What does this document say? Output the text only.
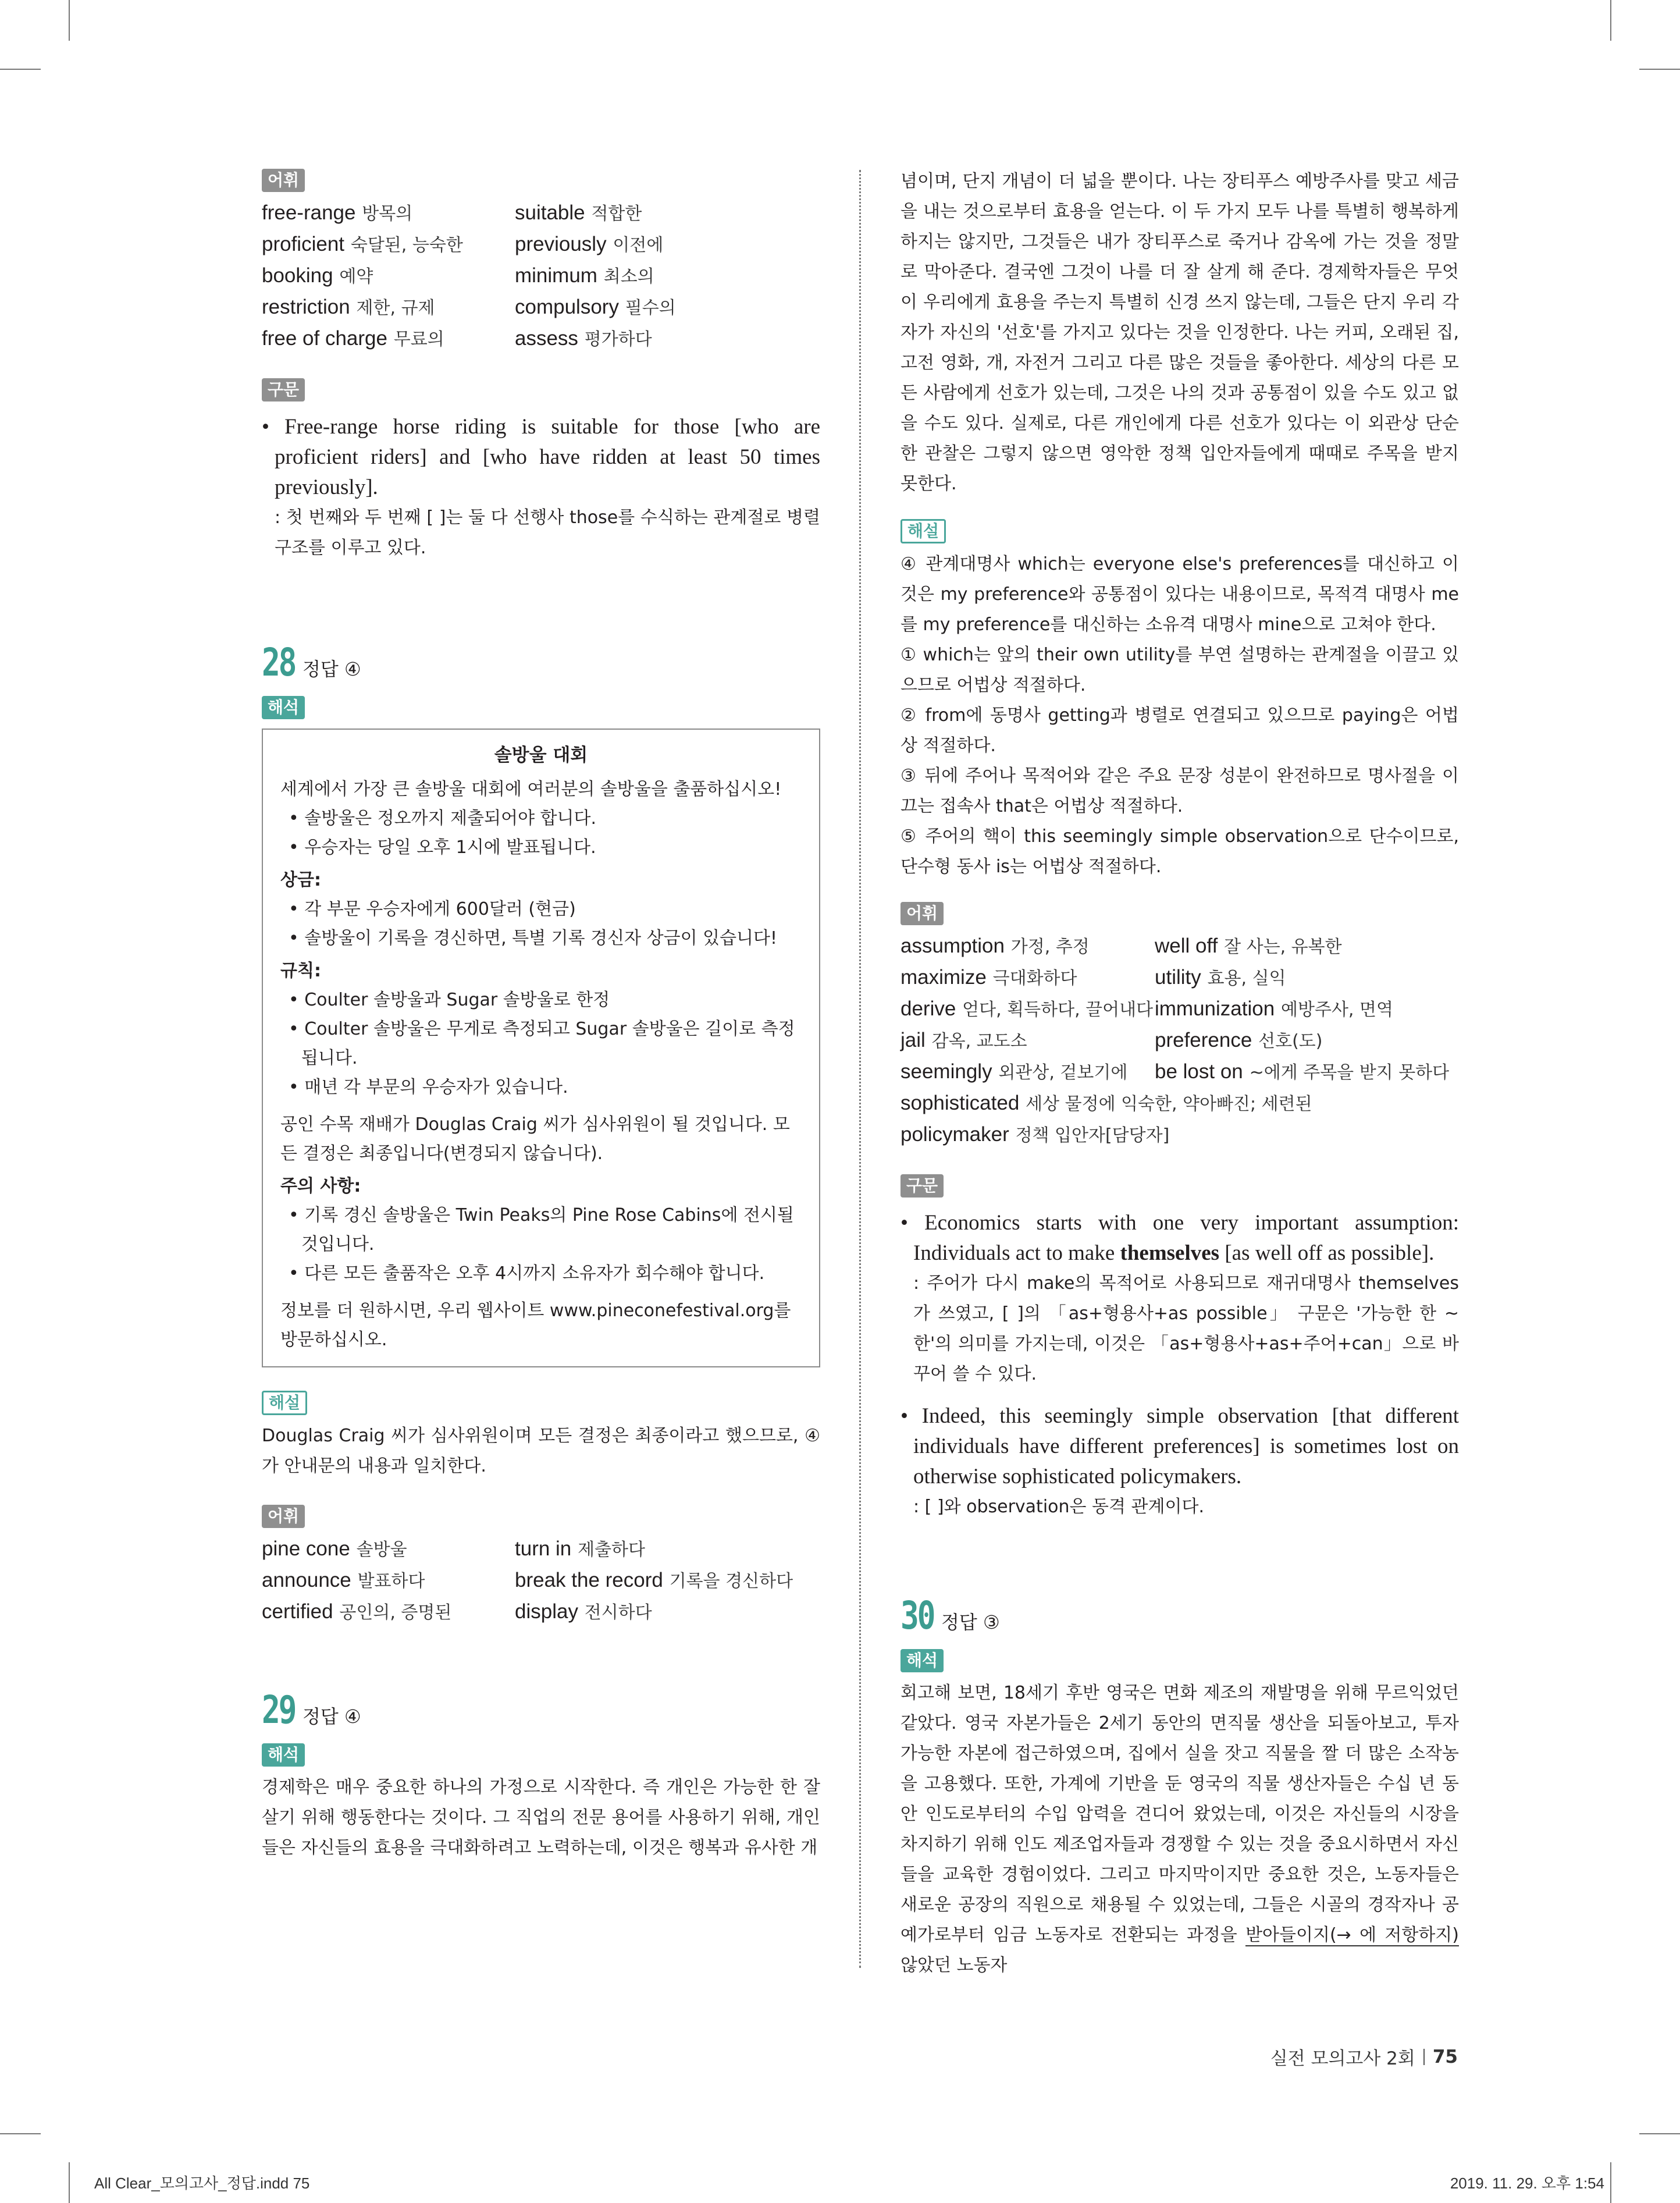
어휘
free-range 방목의	suitable 적합한
proficient 숙달된, 능숙한	previously 이전에
booking 예약	minimum 최소의
restriction 제한, 규제	compulsory 필수의
free of charge 무료의	assess 평가하다
구문

• Free-range horse riding is suitable for those [who are proficient riders] and [who have ridden at least 50 times previously].

: 첫 번째와 두 번째 [ ]는 둘 다 선행사 those를 수식하는 관계절로 병렬 구조를 이루고 있다.

28 정답 ④
해석
솔방울 대회

세계에서 가장 큰 솔방울 대회에 여러분의 솔방울을 출품하십시오!

• 솔방울은 정오까지 제출되어야 합니다.

• 우승자는 당일 오후 1시에 발표됩니다.

상금:

• 각 부문 우승자에게 600달러 (현금)

• 솔방울이 기록을 경신하면, 특별 기록 경신자 상금이 있습니다!

규칙:

• Coulter 솔방울과 Sugar 솔방울로 한정

• Coulter 솔방울은 무게로 측정되고 Sugar 솔방울은 길이로 측정됩니다.

• 매년 각 부문의 우승자가 있습니다.

공인 수목 재배가 Douglas Craig 씨가 심사위원이 될 것입니다. 모든 결정은 최종입니다(변경되지 않습니다).

주의 사항:

• 기록 경신 솔방울은 Twin Peaks의 Pine Rose Cabins에 전시될 것입니다.

• 다른 모든 출품작은 오후 4시까지 소유자가 회수해야 합니다.

정보를 더 원하시면, 우리 웹사이트 www.pineconefestival.org를 방문하십시오.

해설

Douglas Craig 씨가 심사위원이며 모든 결정은 최종이라고 했으므로, ④가 안내문의 내용과 일치한다.

어휘
pine cone 솔방울	turn in 제출하다
announce 발표하다	break the record 기록을 경신하다
certified 공인의, 증명된	display 전시하다
29 정답 ④
해석

경제학은 매우 중요한 하나의 가정으로 시작한다. 즉 개인은 가능한 한 잘 살기 위해 행동한다는 것이다. 그 직업의 전문 용어를 사용하기 위해, 개인들은 자신들의 효용을 극대화하려고 노력하는데, 이것은 행복과 유사한 개

념이며, 단지 개념이 더 넓을 뿐이다. 나는 장티푸스 예방주사를 맞고 세금을 내는 것으로부터 효용을 얻는다. 이 두 가지 모두 나를 특별히 행복하게 하지는 않지만, 그것들은 내가 장티푸스로 죽거나 감옥에 가는 것을 정말로 막아준다. 결국엔 그것이 나를 더 잘 살게 해 준다. 경제학자들은 무엇이 우리에게 효용을 주는지 특별히 신경 쓰지 않는데, 그들은 단지 우리 각자가 자신의 '선호'를 가지고 있다는 것을 인정한다. 나는 커피, 오래된 집, 고전 영화, 개, 자전거 그리고 다른 많은 것들을 좋아한다. 세상의 다른 모든 사람에게 선호가 있는데, 그것은 나의 것과 공통점이 있을 수도 있고 없을 수도 있다. 실제로, 다른 개인에게 다른 선호가 있다는 이 외관상 단순한 관찰은 그렇지 않으면 영악한 정책 입안자들에게 때때로 주목을 받지 못한다.

해설

④ 관계대명사 which는 everyone else's preferences를 대신하고 이것은 my preference와 공통점이 있다는 내용이므로, 목적격 대명사 me를 my preference를 대신하는 소유격 대명사 mine으로 고쳐야 한다.

① which는 앞의 their own utility를 부연 설명하는 관계절을 이끌고 있으므로 어법상 적절하다.

② from에 동명사 getting과 병렬로 연결되고 있으므로 paying은 어법상 적절하다.

③ 뒤에 주어나 목적어와 같은 주요 문장 성분이 완전하므로 명사절을 이끄는 접속사 that은 어법상 적절하다.

⑤ 주어의 핵이 this seemingly simple observation으로 단수이므로, 단수형 동사 is는 어법상 적절하다.

어휘
assumption 가정, 추정	well off 잘 사는, 유복한
maximize 극대화하다	utility 효용, 실익
derive 얻다, 획득하다, 끌어내다 immunization 예방주사, 면역
jail 감옥, 교도소	preference 선호(도)
seemingly 외관상, 겉보기에	be lost on ~에게 주목을 받지 못하다
sophisticated 세상 물정에 익숙한, 약아빠진; 세련된
policymaker 정책 입안자[담당자]
구문

• Economics starts with one very important assumption: Individuals act to make themselves [as well off as possible].

: 주어가 다시 make의 목적어로 사용되므로 재귀대명사 themselves가 쓰였고, [ ]의 「as+형용사+as possible」 구문은 '가능한 한 ~한'의 의미를 가지는데, 이것은 「as+형용사+as+주어+can」으로 바꾸어 쓸 수 있다.

• Indeed, this seemingly simple observation [that different individuals have different preferences] is sometimes lost on otherwise sophisticated policymakers.

: [ ]와 observation은 동격 관계이다.

30 정답 ③
해석

회고해 보면, 18세기 후반 영국은 면화 제조의 재발명을 위해 무르익었던 같았다. 영국 자본가들은 2세기 동안의 면직물 생산을 되돌아보고, 투자 가능한 자본에 접근하였으며, 집에서 실을 잣고 직물을 짤 더 많은 소작농을 고용했다. 또한, 가계에 기반을 둔 영국의 직물 생산자들은 수십 년 동안 인도로부터의 수입 압력을 견디어 왔었는데, 이것은 자신들의 시장을 차지하기 위해 인도 제조업자들과 경쟁할 수 있는 것을 중요시하면서 자신들을 교육한 경험이었다. 그리고 마지막이지만 중요한 것은, 노동자들은 새로운 공장의 직원으로 채용될 수 있었는데, 그들은 시골의 경작자나 공예가로부터 임금 노동자로 전환되는 과정을 받아들이지(→ 에 저항하지) 않았던 노동자

실전 모의고사 2회 75
All Clear_모의고사_정답.indd 75	2019. 11. 29. 오후 1:54
